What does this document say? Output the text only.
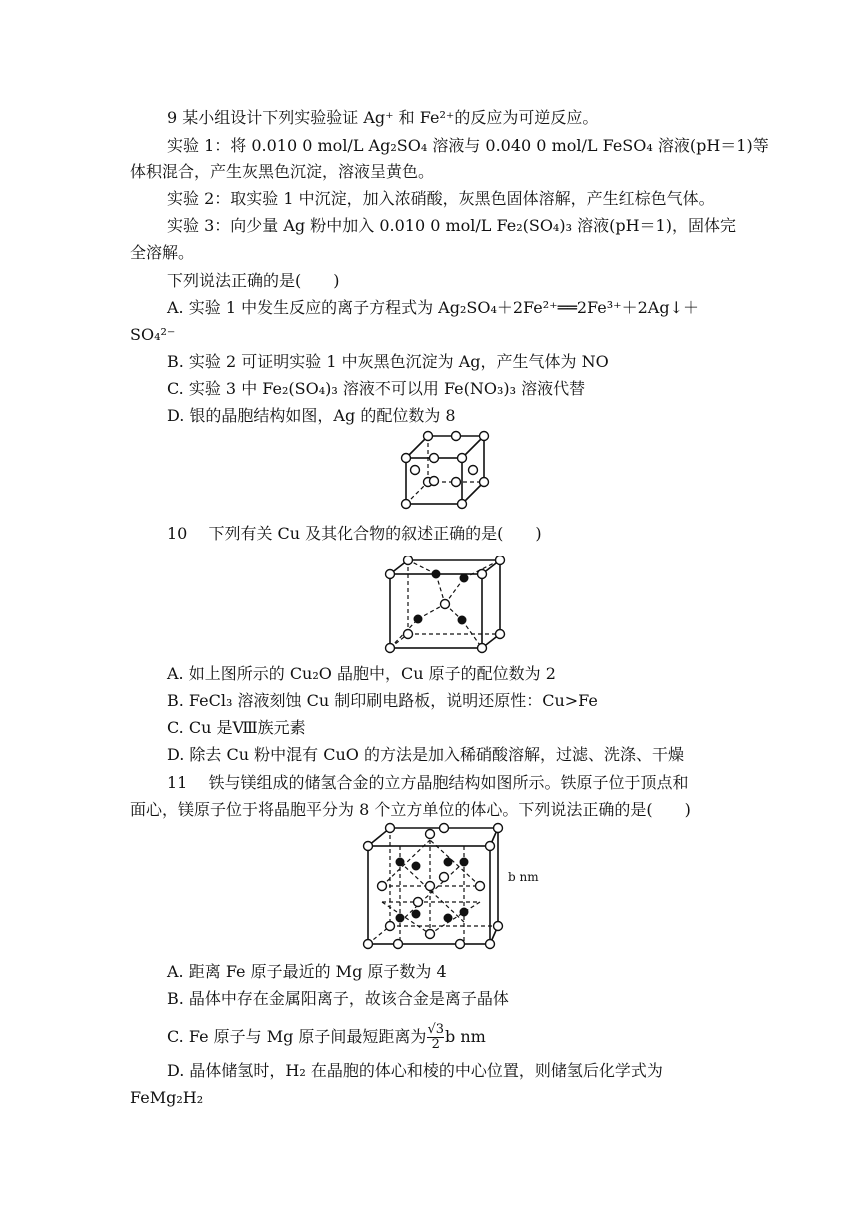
9 某小组设计下列实验验证 Ag⁺ 和 Fe²⁺的反应为可逆反应。
实验 1：将 0.010 0 mol/L Ag₂SO₄ 溶液与 0.040 0 mol/L FeSO₄ 溶液(pH＝1)等
体积混合，产生灰黑色沉淀，溶液呈黄色。
实验 2：取实验 1 中沉淀，加入浓硝酸，灰黑色固体溶解，产生红棕色气体。
实验 3：向少量 Ag 粉中加入 0.010 0 mol/L Fe₂(SO₄)₃ 溶液(pH＝1)，固体完
全溶解。
下列说法正确的是(　　)
A. 实验 1 中发生反应的离子方程式为 Ag₂SO₄＋2Fe²⁺══2Fe³⁺＋2Ag↓＋
SO₄²⁻
B. 实验 2 可证明实验 1 中灰黑色沉淀为 Ag，产生气体为 NO
C. 实验 3 中 Fe₂(SO₄)₃ 溶液不可以用 Fe(NO₃)₃ 溶液代替
D. 银的晶胞结构如图，Ag 的配位数为 8
10　 下列有关 Cu 及其化合物的叙述正确的是(　　)
A. 如上图所示的 Cu₂O 晶胞中，Cu 原子的配位数为 2
B. FeCl₃ 溶液刻蚀 Cu 制印刷电路板，说明还原性：Cu>Fe
C. Cu 是Ⅷ族元素
D. 除去 Cu 粉中混有 CuO 的方法是加入稀硝酸溶解，过滤、洗涤、干燥
11　 铁与镁组成的储氢合金的立方晶胞结构如图所示。铁原子位于顶点和
面心，镁原子位于将晶胞平分为 8 个立方单位的体心。下列说法正确的是(　　)
b nm
A. 距离 Fe 原子最近的 Mg 原子数为 4
B. 晶体中存在金属阳离子，故该合金是离子晶体
C. Fe 原子与 Mg 原子间最短距离为 $\frac{√3}{2}$ b nm
D. 晶体储氢时，H₂ 在晶胞的体心和棱的中心位置，则储氢后化学式为
FeMg₂H₂
